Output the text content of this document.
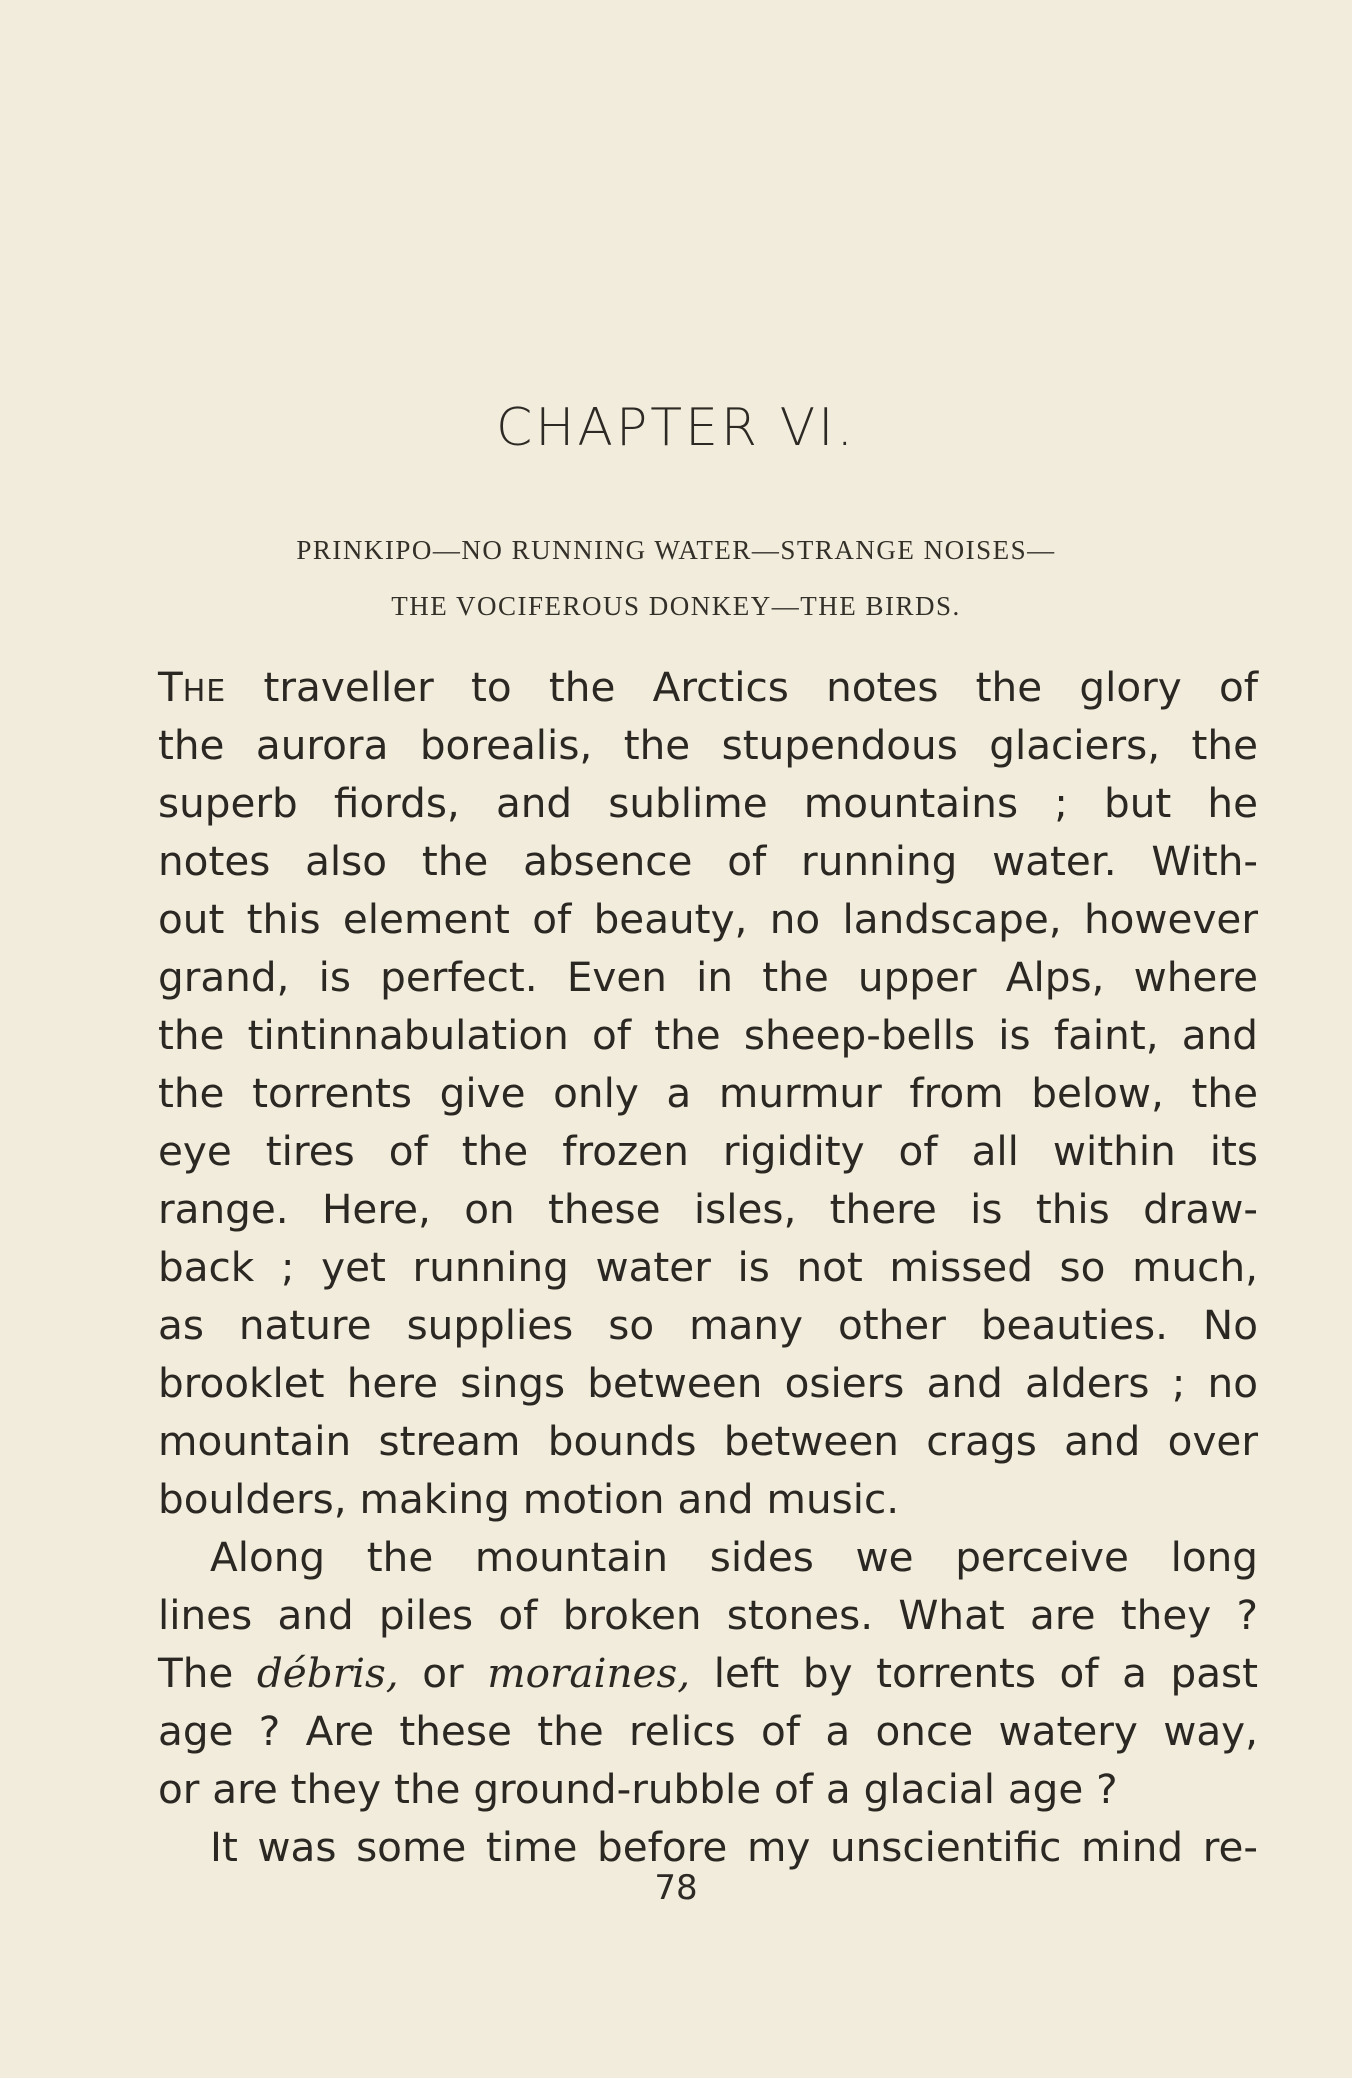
CHAPTER VI.
PRINKIPO—NO RUNNING WATER—STRANGE NOISES—
THE VOCIFEROUS DONKEY—THE BIRDS.
THE traveller to the Arctics notes the glory of
the aurora borealis, the stupendous glaciers, the
superb fiords, and sublime mountains ; but he
notes also the absence of running water. With-
out this element of beauty, no landscape, however
grand, is perfect. Even in the upper Alps, where
the tintinnabulation of the sheep-bells is faint, and
the torrents give only a murmur from below, the
eye tires of the frozen rigidity of all within its
range. Here, on these isles, there is this draw-
back ; yet running water is not missed so much,
as nature supplies so many other beauties. No
brooklet here sings between osiers and alders ; no
mountain stream bounds between crags and over
boulders, making motion and music.
Along the mountain sides we perceive long
lines and piles of broken stones. What are they ?
The débris, or moraines, left by torrents of a past
age ? Are these the relics of a once watery way,
or are they the ground-rubble of a glacial age ?
It was some time before my unscientific mind re-
78
